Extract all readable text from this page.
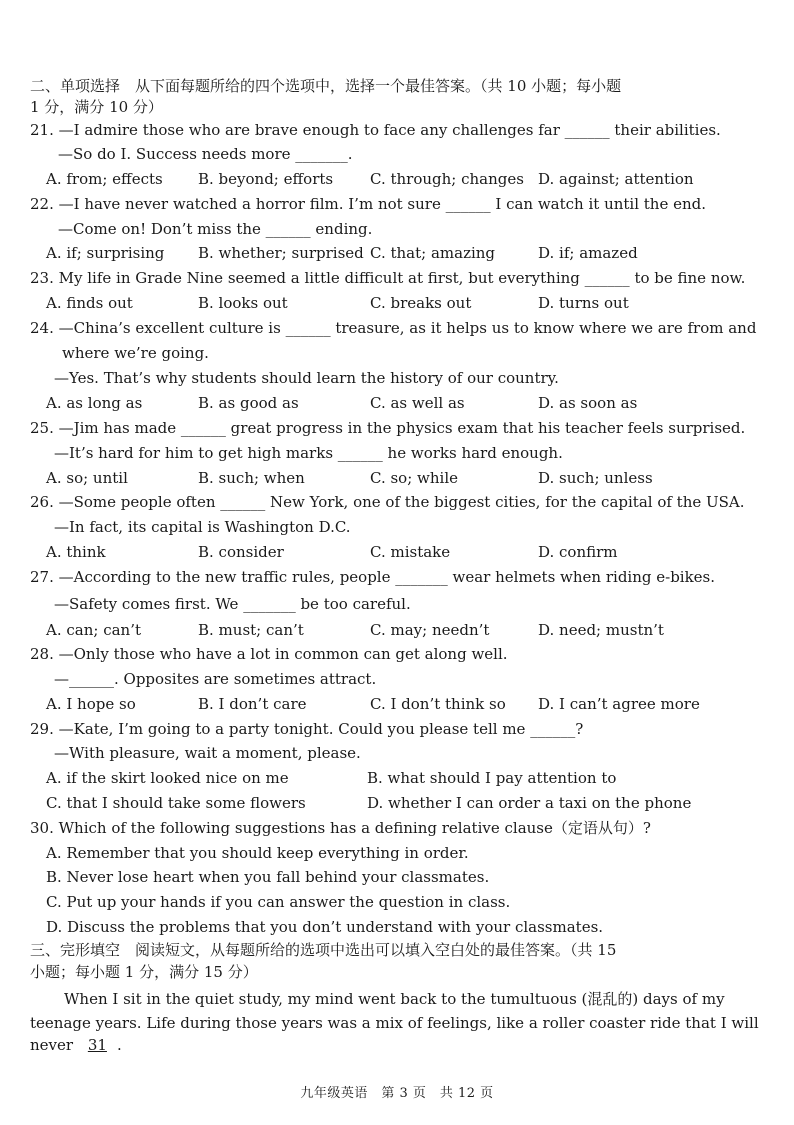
二、单项选择　从下面每题所给的四个选项中，选择一个最佳答案。（共 10 小题；每小题
1 分，满分 10 分）
21. —I admire those who are brave enough to face any challenges far ______ their abilities.
—So do I. Success needs more _______.
A. from; effects B. beyond; efforts C. through; changes D. against; attention
22. —I have never watched a horror film. I’m not sure ______ I can watch it until the end.
—Come on! Don’t miss the ______ ending.
A. if; surprising B. whether; surprised C. that; amazing	D. if; amazed
23. My life in Grade Nine seemed a little difficult at first, but everything ______ to be fine now.
A. finds out	B. looks out	C. breaks out	D. turns out
24. —China’s excellent culture is ______ treasure, as it helps us to know where we are from and
where we’re going.
—Yes. That’s why students should learn the history of our country.
A. as long as	B. as good as	C. as well as	D. as soon as
25. —Jim has made ______ great progress in the physics exam that his teacher feels surprised.
—It’s hard for him to get high marks ______ he works hard enough.
A. so; until	B. such; when	C. so; while	D. such; unless
26. —Some people often ______ New York, one of the biggest cities, for the capital of the USA.
—In fact, its capital is Washington D.C.
A. think	B. consider	C. mistake	D. confirm
27. —According to the new traffic rules, people _______ wear helmets when riding e-bikes.
—Safety comes first. We _______ be too careful.
A. can; can’t	B. must; can’t	C. may; needn’t	D. need; mustn’t
28. —Only those who have a lot in common can get along well.
—______. Opposites are sometimes attract.
A. I hope so	B. I don’t care	C. I don’t think so D. I can’t agree more
29. —Kate, I’m going to a party tonight. Could you please tell me ______?
—With pleasure, wait a moment, please.
A. if the skirt looked nice on me	B. what should I pay attention to
C. that I should take some flowers	D. whether I can order a taxi on the phone
30. Which of the following suggestions has a defining relative clause（定语从句）?
A. Remember that you should keep everything in order.
B. Never lose heart when you fall behind your classmates.
C. Put up your hands if you can answer the question in class.
D. Discuss the problems that you don’t understand with your classmates.
三、完形填空　阅读短文，从每题所给的选项中选出可以填入空白处的最佳答案。（共 15
小题；每小题 1 分，满分 15 分）
When I sit in the quiet study, my mind went back to the tumultuous (混乱的) days of my
teenage years. Life during those years was a mix of feelings, like a roller coaster ride that I will
never 31 .
九年级英语　第 3 页　共 12 页
